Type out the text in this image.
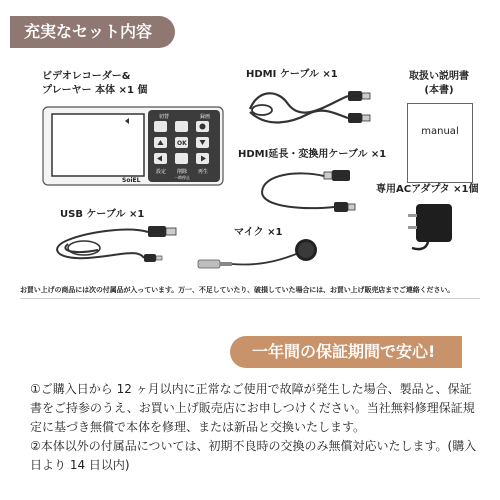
充実なセット内容
ビデオレコーダー&
プレーヤー 本体 ×1 個
切替	録画
OK
設定 削除 再生
一時停止
SoiEL
HDMI ケーブル ×1	取扱い説明書
(本書)
manual
HDMI延長・変換用ケーブル ×1
専用ACアダプタ ×1個
USB ケーブル ×1
マイク ×1
お買い上げの商品には次の付属品が入っています。万一、不足していたり、破損していた場合には、お買い上げ販売店までご連絡ください。
一年間の保証期間で安心!

①ご購入日から 12 ヶ月以内に正常なご使用で故障が発生した場合、製品と、保証書をご持参のうえ、お買い上げ販売店にお申しつけください。当社無料修理保証規定に基づき無償で本体を修理、または新品と交換いたします。

②本体以外の付属品については、初期不良時の交換のみ無償対応いたします。(購入日より 14 日以内)
